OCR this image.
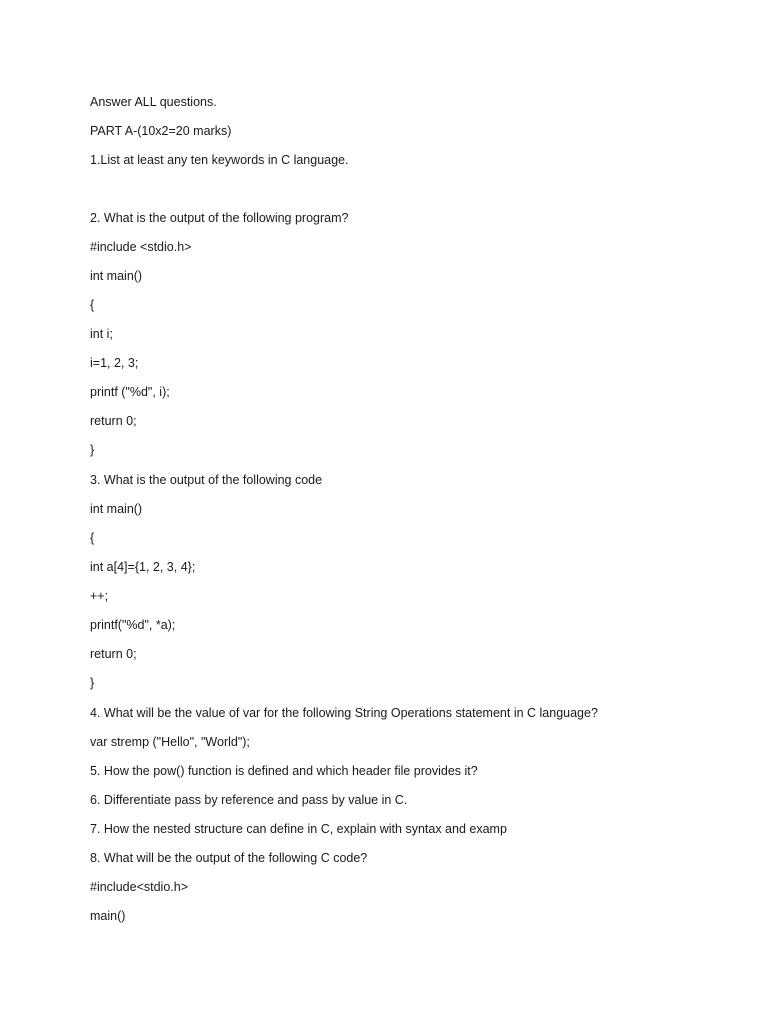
Answer ALL questions.
PART A-(10x2=20 marks)
1.List at least any ten keywords in C language.
2. What is the output of the following program?
#include <stdio.h>
int main()
{
int i;
i=1, 2, 3;
printf ("%d", i);
return 0;
}
3. What is the output of the following code
int main()
{
int a[4]={1, 2, 3, 4};
++;
printf("%d", *a);
return 0;
}
4. What will be the value of var for the following String Operations statement in C language?
var stremp ("Hello", "World");
5. How the pow() function is defined and which header file provides it?
6. Differentiate pass by reference and pass by value in C.
7. How the nested structure can define in C, explain with syntax and examp
8. What will be the output of the following C code?
#include<stdio.h>
main()
